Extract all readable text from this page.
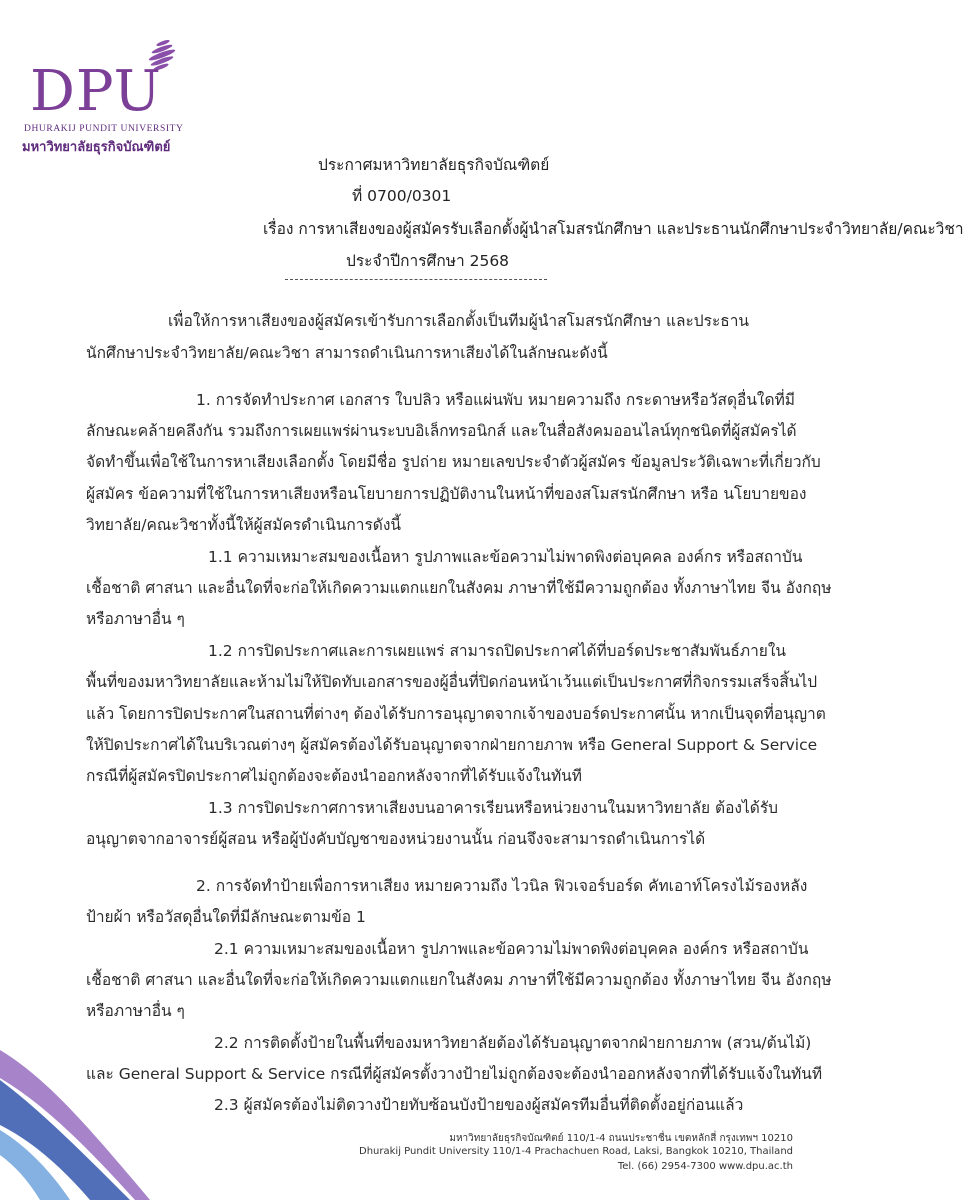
DPU
DHURAKIJ PUNDIT UNIVERSITY
มหาวิทยาลัยธุรกิจบัณฑิตย์
ประกาศมหาวิทยาลัยธุรกิจบัณฑิตย์
ที่ 0700/0301
เรื่อง การหาเสียงของผู้สมัครรับเลือกตั้งผู้นำสโมสรนักศึกษา และประธานนักศึกษาประจำวิทยาลัย/คณะวิชา
ประจำปีการศึกษา 2568
เพื่อให้การหาเสียงของผู้สมัครเข้ารับการเลือกตั้งเป็นทีมผู้นำสโมสรนักศึกษา และประธาน
นักศึกษาประจำวิทยาลัย/คณะวิชา สามารถดำเนินการหาเสียงได้ในลักษณะดังนี้
1. การจัดทำประกาศ เอกสาร ใบปลิว หรือแผ่นพับ หมายความถึง กระดาษหรือวัสดุอื่นใดที่มี
ลักษณะคล้ายคลึงกัน รวมถึงการเผยแพร่ผ่านระบบอิเล็กทรอนิกส์ และในสื่อสังคมออนไลน์ทุกชนิดที่ผู้สมัครได้
จัดทำขึ้นเพื่อใช้ในการหาเสียงเลือกตั้ง โดยมีชื่อ รูปถ่าย หมายเลขประจำตัวผู้สมัคร ข้อมูลประวัติเฉพาะที่เกี่ยวกับ
ผู้สมัคร ข้อความที่ใช้ในการหาเสียงหรือนโยบายการปฏิบัติงานในหน้าที่ของสโมสรนักศึกษา หรือ นโยบายของ
วิทยาลัย/คณะวิชาทั้งนี้ให้ผู้สมัครดำเนินการดังนี้
1.1 ความเหมาะสมของเนื้อหา รูปภาพและข้อความไม่พาดพิงต่อบุคคล องค์กร หรือสถาบัน
เชื้อชาติ ศาสนา และอื่นใดที่จะก่อให้เกิดความแตกแยกในสังคม ภาษาที่ใช้มีความถูกต้อง ทั้งภาษาไทย จีน อังกฤษ
หรือภาษาอื่น ๆ
1.2 การปิดประกาศและการเผยแพร่ สามารถปิดประกาศได้ที่บอร์ดประชาสัมพันธ์ภายใน
พื้นที่ของมหาวิทยาลัยและห้ามไม่ให้ปิดทับเอกสารของผู้อื่นที่ปิดก่อนหน้าเว้นแต่เป็นประกาศที่กิจกรรมเสร็จสิ้นไป
แล้ว โดยการปิดประกาศในสถานที่ต่างๆ ต้องได้รับการอนุญาตจากเจ้าของบอร์ดประกาศนั้น หากเป็นจุดที่อนุญาต
ให้ปิดประกาศได้ในบริเวณต่างๆ ผู้สมัครต้องได้รับอนุญาตจากฝ่ายกายภาพ หรือ General Support & Service
กรณีที่ผู้สมัครปิดประกาศไม่ถูกต้องจะต้องนำออกหลังจากที่ได้รับแจ้งในทันที
1.3 การปิดประกาศการหาเสียงบนอาคารเรียนหรือหน่วยงานในมหาวิทยาลัย ต้องได้รับ
อนุญาตจากอาจารย์ผู้สอน หรือผู้บังคับบัญชาของหน่วยงานนั้น ก่อนจึงจะสามารถดำเนินการได้
2. การจัดทำป้ายเพื่อการหาเสียง หมายความถึง ไวนิล ฟิวเจอร์บอร์ด คัทเอาท์โครงไม้รองหลัง
ป้ายผ้า หรือวัสดุอื่นใดที่มีลักษณะตามข้อ 1
2.1 ความเหมาะสมของเนื้อหา รูปภาพและข้อความไม่พาดพิงต่อบุคคล องค์กร หรือสถาบัน
เชื้อชาติ ศาสนา และอื่นใดที่จะก่อให้เกิดความแตกแยกในสังคม ภาษาที่ใช้มีความถูกต้อง ทั้งภาษาไทย จีน อังกฤษ
หรือภาษาอื่น ๆ
2.2 การติดตั้งป้ายในพื้นที่ของมหาวิทยาลัยต้องได้รับอนุญาตจากฝ่ายกายภาพ (สวน/ต้นไม้)
และ General Support & Service กรณีที่ผู้สมัครตั้งวางป้ายไม่ถูกต้องจะต้องนำออกหลังจากที่ได้รับแจ้งในทันที
2.3 ผู้สมัครต้องไม่ติดวางป้ายทับซ้อนบังป้ายของผู้สมัครทีมอื่นที่ติดตั้งอยู่ก่อนแล้ว
มหาวิทยาลัยธุรกิจบัณฑิตย์ 110/1-4 ถนนประชาชื่น เขตหลักสี่ กรุงเทพฯ 10210
Dhurakij Pundit University 110/1-4 Prachachuen Road, Laksi, Bangkok 10210, Thailand
Tel. (66) 2954-7300 www.dpu.ac.th
